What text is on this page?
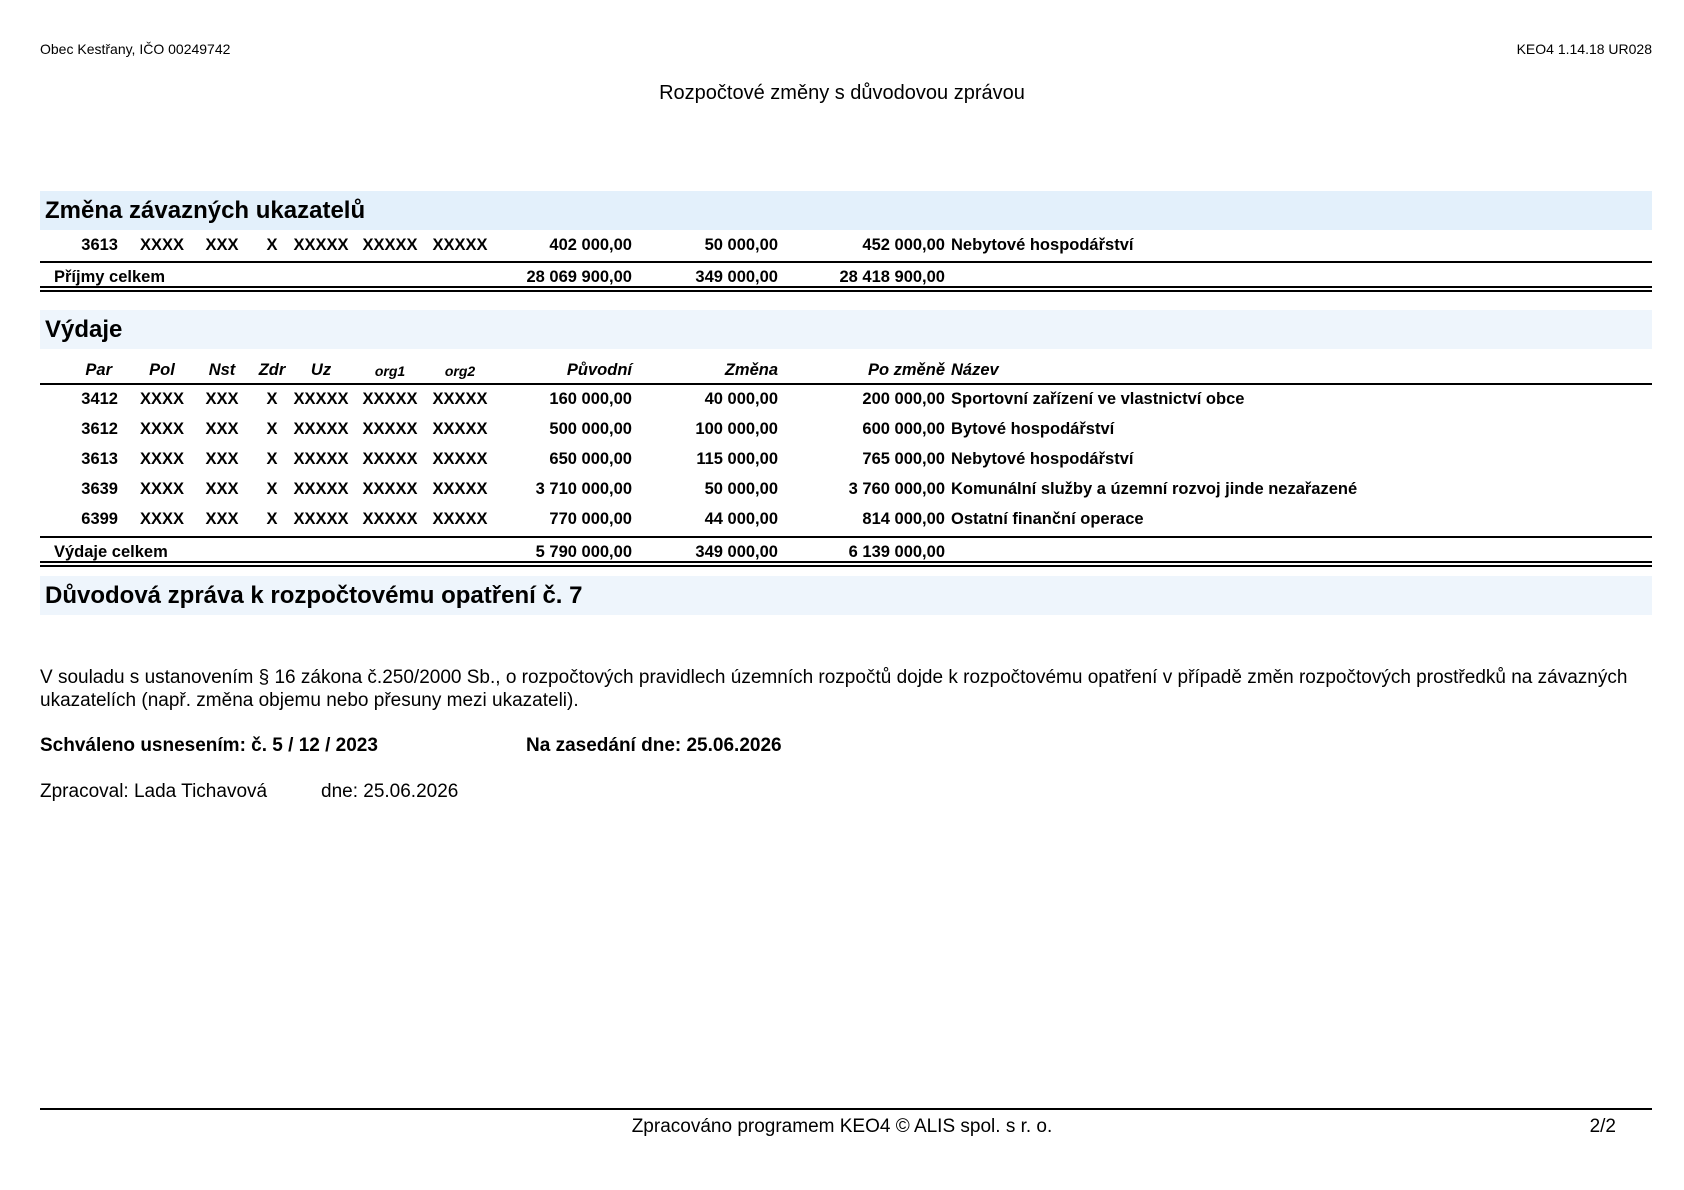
Obec Kestřany, IČO 00249742	KEO4 1.14.18 UR028
Rozpočtové změny s důvodovou zprávou
Změna závazných ukazatelů
3613	XXXX	XXX	X XXXXX XXXXX XXXXX	402 000,00	50 000,00	452 000,00 Nebytové hospodářství
Příjmy celkem	28 069 900,00	349 000,00	28 418 900,00
Výdaje
Par	Pol	Nst	Zdr	Uz	org1	org2	Původní	Změna	Po změně Název
3412	XXXX	XXX	X XXXXX XXXXX XXXXX	160 000,00	40 000,00	200 000,00 Sportovní zařízení ve vlastnictví obce
3612	XXXX	XXX	X XXXXX XXXXX XXXXX	500 000,00	100 000,00	600 000,00 Bytové hospodářství
3613	XXXX	XXX	X XXXXX XXXXX XXXXX	650 000,00	115 000,00	765 000,00 Nebytové hospodářství
3639	XXXX	XXX	X XXXXX XXXXX XXXXX	3 710 000,00	50 000,00	3 760 000,00 Komunální služby a územní rozvoj jinde nezařazené
6399	XXXX	XXX	X XXXXX XXXXX XXXXX	770 000,00	44 000,00	814 000,00 Ostatní finanční operace
Výdaje celkem	5 790 000,00	349 000,00	6 139 000,00
Důvodová zpráva k rozpočtovému opatření č. 7
V souladu s ustanovením § 16 zákona č.250/2000 Sb., o rozpočtových pravidlech územních rozpočtů dojde k rozpočtovému opatření v případě změn rozpočtových prostředků na závazných ukazatelích (např. změna objemu nebo přesuny mezi ukazateli).
Schváleno usnesením: č. 5 / 12 / 2023	Na zasedání dne: 25.06.2026
Zpracoval: Lada Tichavová	dne: 25.06.2026
Zpracováno programem KEO4 © ALIS spol. s r. o.	2/2
